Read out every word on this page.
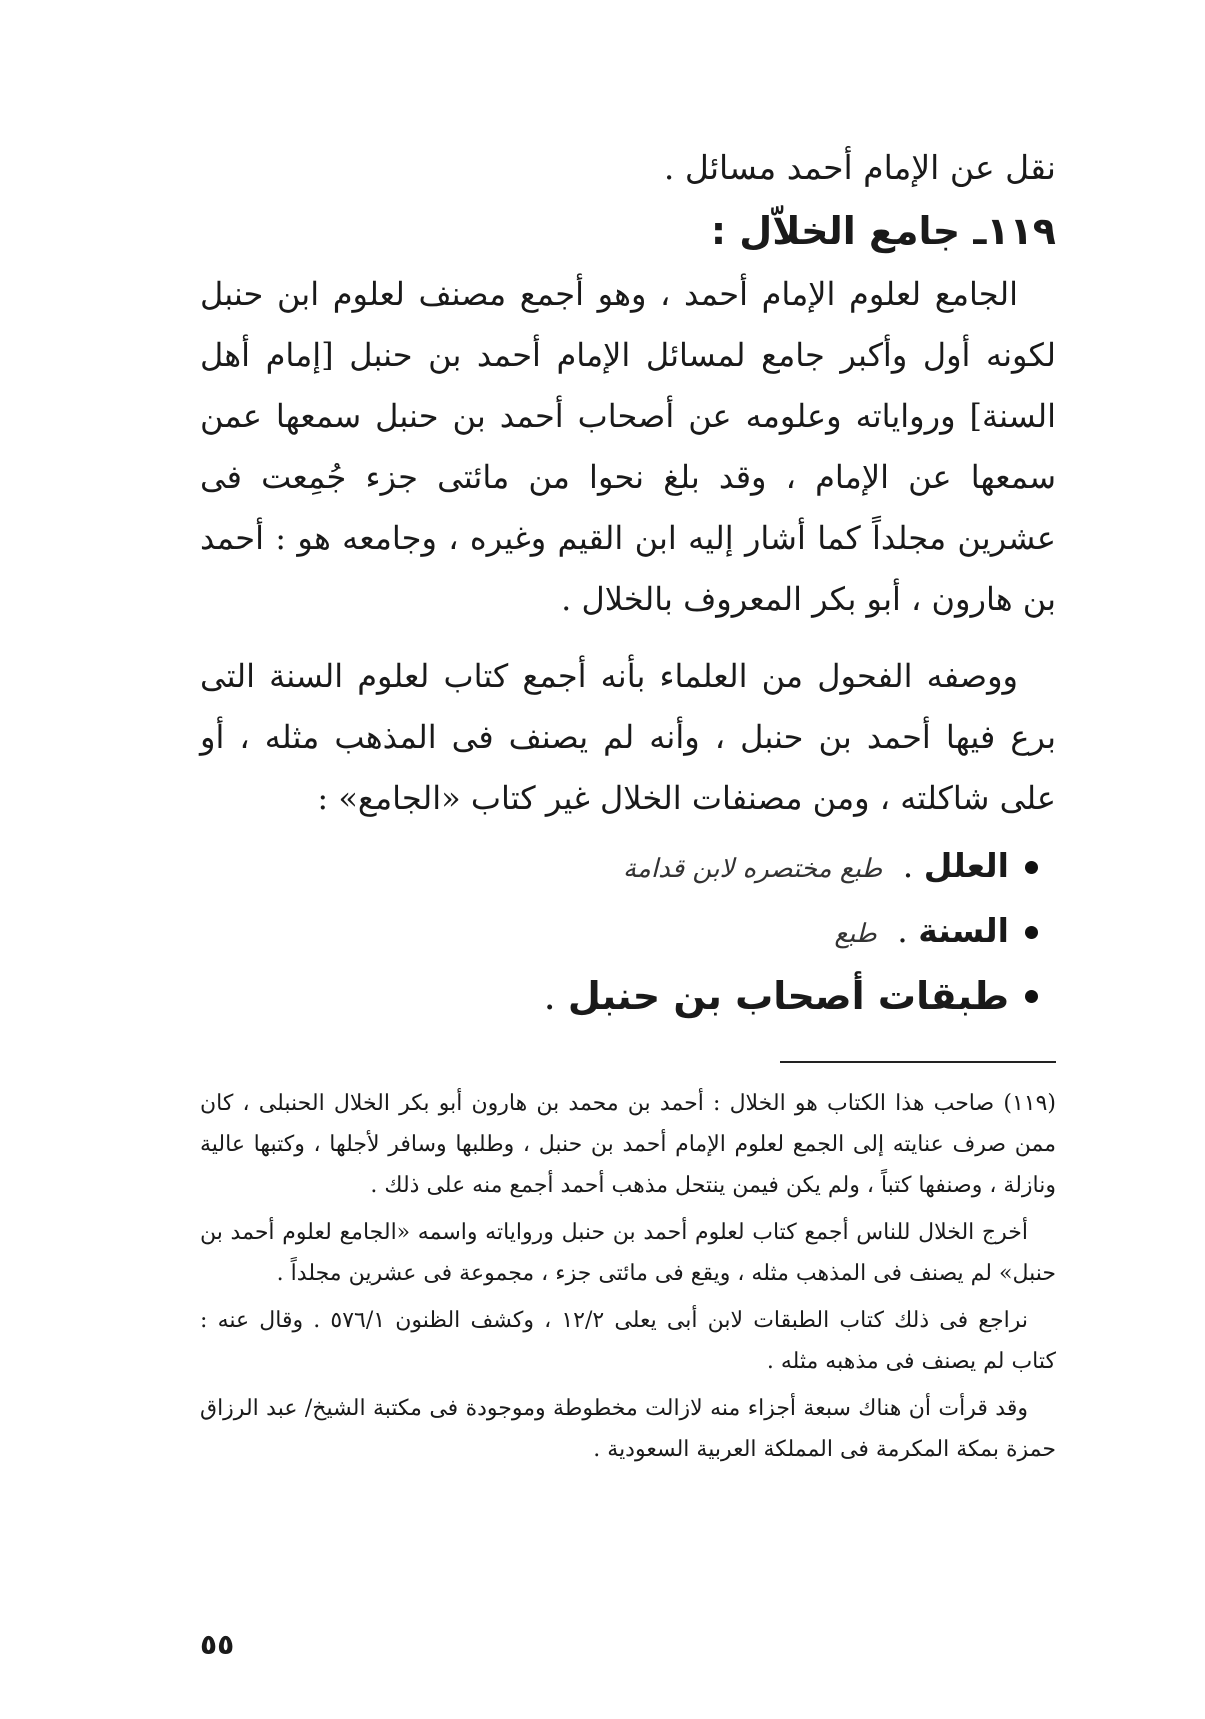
نقل عن الإمام أحمد مسائل .

١١٩ـ جامع الخلاّل :

الجامع لعلوم الإمام أحمد ، وهو أجمع مصنف لعلوم ابن حنبل لكونه أول وأكبر جامع لمسائل الإمام أحمد بن حنبل [إمام أهل السنة] ورواياته وعلومه عن أصحاب أحمد بن حنبل سمعها عمن سمعها عن الإمام ، وقد بلغ نحوا من مائتى جزء جُمِعت فى عشرين مجلداً كما أشار إليه ابن القيم وغيره ، وجامعه هو : أحمد بن هارون ، أبو بكر المعروف بالخلال .

ووصفه الفحول من العلماء بأنه أجمع كتاب لعلوم السنة التى برع فيها أحمد بن حنبل ، وأنه لم يصنف فى المذهب مثله ، أو على شاكلته ، ومن مصنفات الخلال غير كتاب «الجامع» :

العلل . طبع مختصره لابن قدامة
السنة . طبع
طبقات أصحاب بن حنبل .

(١١٩) صاحب هذا الكتاب هو الخلال : أحمد بن محمد بن هارون أبو بكر الخلال الحنبلى ، كان ممن صرف عنايته إلى الجمع لعلوم الإمام أحمد بن حنبل ، وطلبها وسافر لأجلها ، وكتبها عالية ونازلة ، وصنفها كتباً ، ولم يكن فيمن ينتحل مذهب أحمد أجمع منه على ذلك .

أخرج الخلال للناس أجمع كتاب لعلوم أحمد بن حنبل ورواياته واسمه «الجامع لعلوم أحمد بن حنبل» لم يصنف فى المذهب مثله ، ويقع فى مائتى جزء ، مجموعة فى عشرين مجلداً .

نراجع فى ذلك كتاب الطبقات لابن أبى يعلى ١٢/٢ ، وكشف الظنون ٥٧٦/١ . وقال عنه : كتاب لم يصنف فى مذهبه مثله .

وقد قرأت أن هناك سبعة أجزاء منه لازالت مخطوطة وموجودة فى مكتبة الشيخ/ عبد الرزاق حمزة بمكة المكرمة فى المملكة العربية السعودية .

٥٥
